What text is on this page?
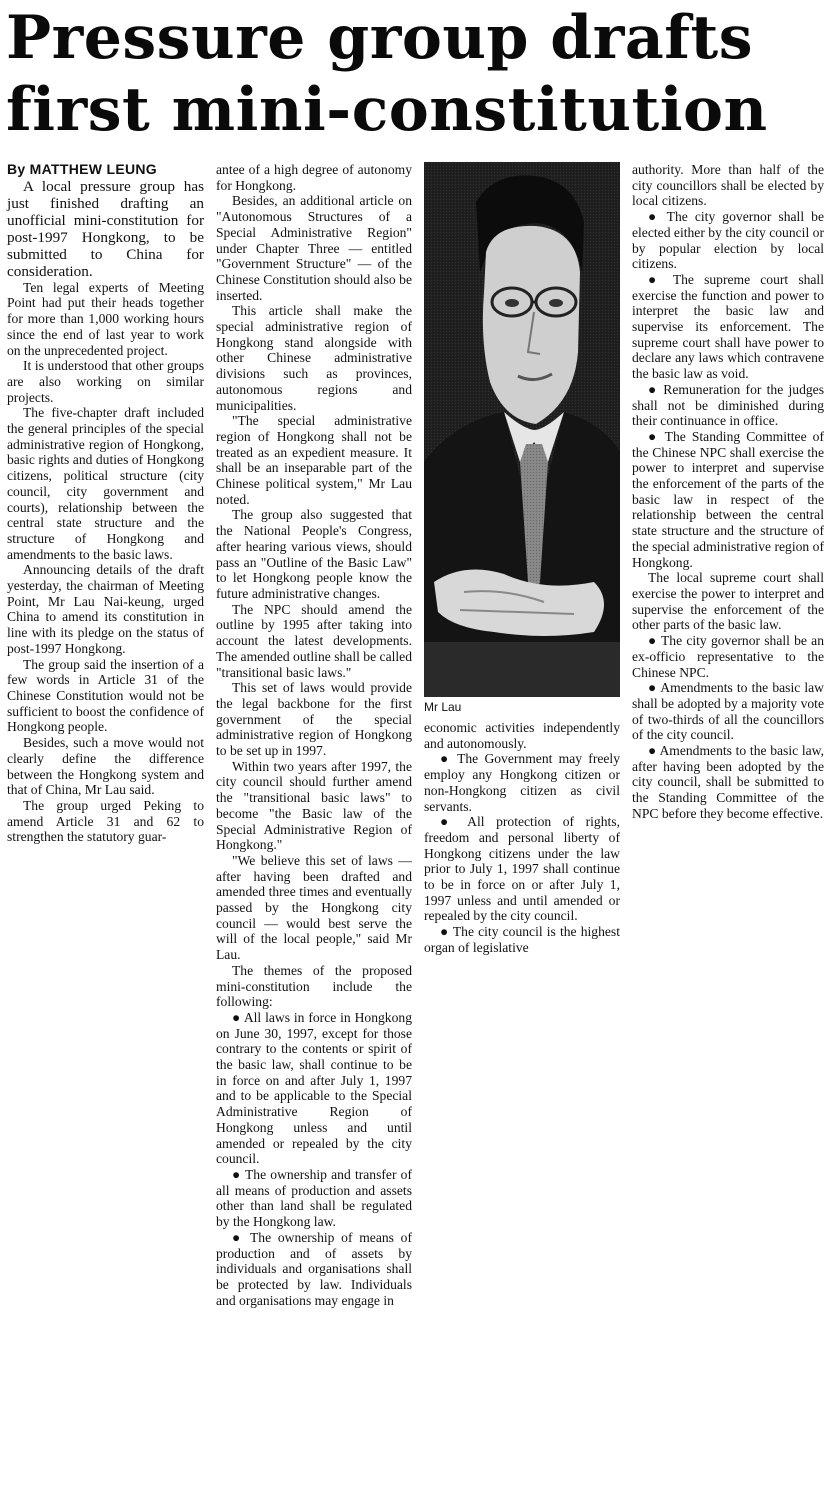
Pressure group drafts
first mini-constitution

By MATTHEW LEUNG

A local pressure group has just finished drafting an unofficial mini-constitution for post-1997 Hongkong, to be submitted to China for consideration.

Ten legal experts of Meeting Point had put their heads together for more than 1,000 working hours since the end of last year to work on the unprecedented project.

It is understood that other groups are also working on similar projects.

The five-chapter draft included the general principles of the special administrative region of Hongkong, basic rights and duties of Hongkong citizens, political structure (city council, city government and courts), relationship between the central state structure and the structure of Hongkong and amendments to the basic laws.

Announcing details of the draft yesterday, the chairman of Meeting Point, Mr Lau Nai-keung, urged China to amend its constitution in line with its pledge on the status of post-1997 Hongkong.

The group said the insertion of a few words in Article 31 of the Chinese Constitution would not be sufficient to boost the confidence of Hongkong people.

Besides, such a move would not clearly define the difference between the Hongkong system and that of China, Mr Lau said.

The group urged Peking to amend Article 31 and 62 to strengthen the statutory guar-

antee of a high degree of autonomy for Hongkong.

Besides, an additional article on "Autonomous Structures of a Special Administrative Region" under Chapter Three — entitled "Government Structure" — of the Chinese Constitution should also be inserted.

This article shall make the special administrative region of Hongkong stand alongside with other Chinese administrative divisions such as provinces, autonomous regions and municipalities.

"The special administrative region of Hongkong shall not be treated as an expedient measure. It shall be an inseparable part of the Chinese political system," Mr Lau noted.

The group also suggested that the National People's Congress, after hearing various views, should pass an "Outline of the Basic Law" to let Hongkong people know the future administrative changes.

The NPC should amend the outline by 1995 after taking into account the latest developments. The amended outline shall be called "transitional basic laws."

This set of laws would provide the legal backbone for the first government of the special administrative region of Hongkong to be set up in 1997.

Within two years after 1997, the city council should further amend the "transitional basic laws" to become "the Basic law of the Special Administrative Region of Hongkong."

"We believe this set of laws — after having been drafted and amended three times and eventually passed by the Hongkong city council — would best serve the will of the local people," said Mr Lau.

The themes of the proposed mini-constitution include the following:

● All laws in force in Hongkong on June 30, 1997, except for those contrary to the contents or spirit of the basic law, shall continue to be in force on and after July 1, 1997 and to be applicable to the Special Administrative Region of Hongkong unless and until amended or repealed by the city council.

● The ownership and transfer of all means of production and assets other than land shall be regulated by the Hongkong law.

● The ownership of means of production and of assets by individuals and organisations shall be protected by law. Individuals and organisations may engage in

Mr Lau

economic activities independently and autonomously.

● The Government may freely employ any Hongkong citizen or non-Hongkong citizen as civil servants.

● All protection of rights, freedom and personal liberty of Hongkong citizens under the law prior to July 1, 1997 shall continue to be in force on or after July 1, 1997 unless and until amended or repealed by the city council.

● The city council is the highest organ of legislative

authority. More than half of the city councillors shall be elected by local citizens.

● The city governor shall be elected either by the city council or by popular election by local citizens.

● The supreme court shall exercise the function and power to interpret the basic law and supervise its enforcement. The supreme court shall have power to declare any laws which contravene the basic law as void.

● Remuneration for the judges shall not be diminished during their continuance in office.

● The Standing Committee of the Chinese NPC shall exercise the power to interpret and supervise the enforcement of the parts of the basic law in respect of the relationship between the central state structure and the structure of the special administrative region of Hongkong.

The local supreme court shall exercise the power to interpret and supervise the enforcement of the other parts of the basic law.

● The city governor shall be an ex-officio representative to the Chinese NPC.

● Amendments to the basic law shall be adopted by a majority vote of two-thirds of all the councillors of the city council.

● Amendments to the basic law, after having been adopted by the city council, shall be submitted to the Standing Committee of the NPC before they become effective.
